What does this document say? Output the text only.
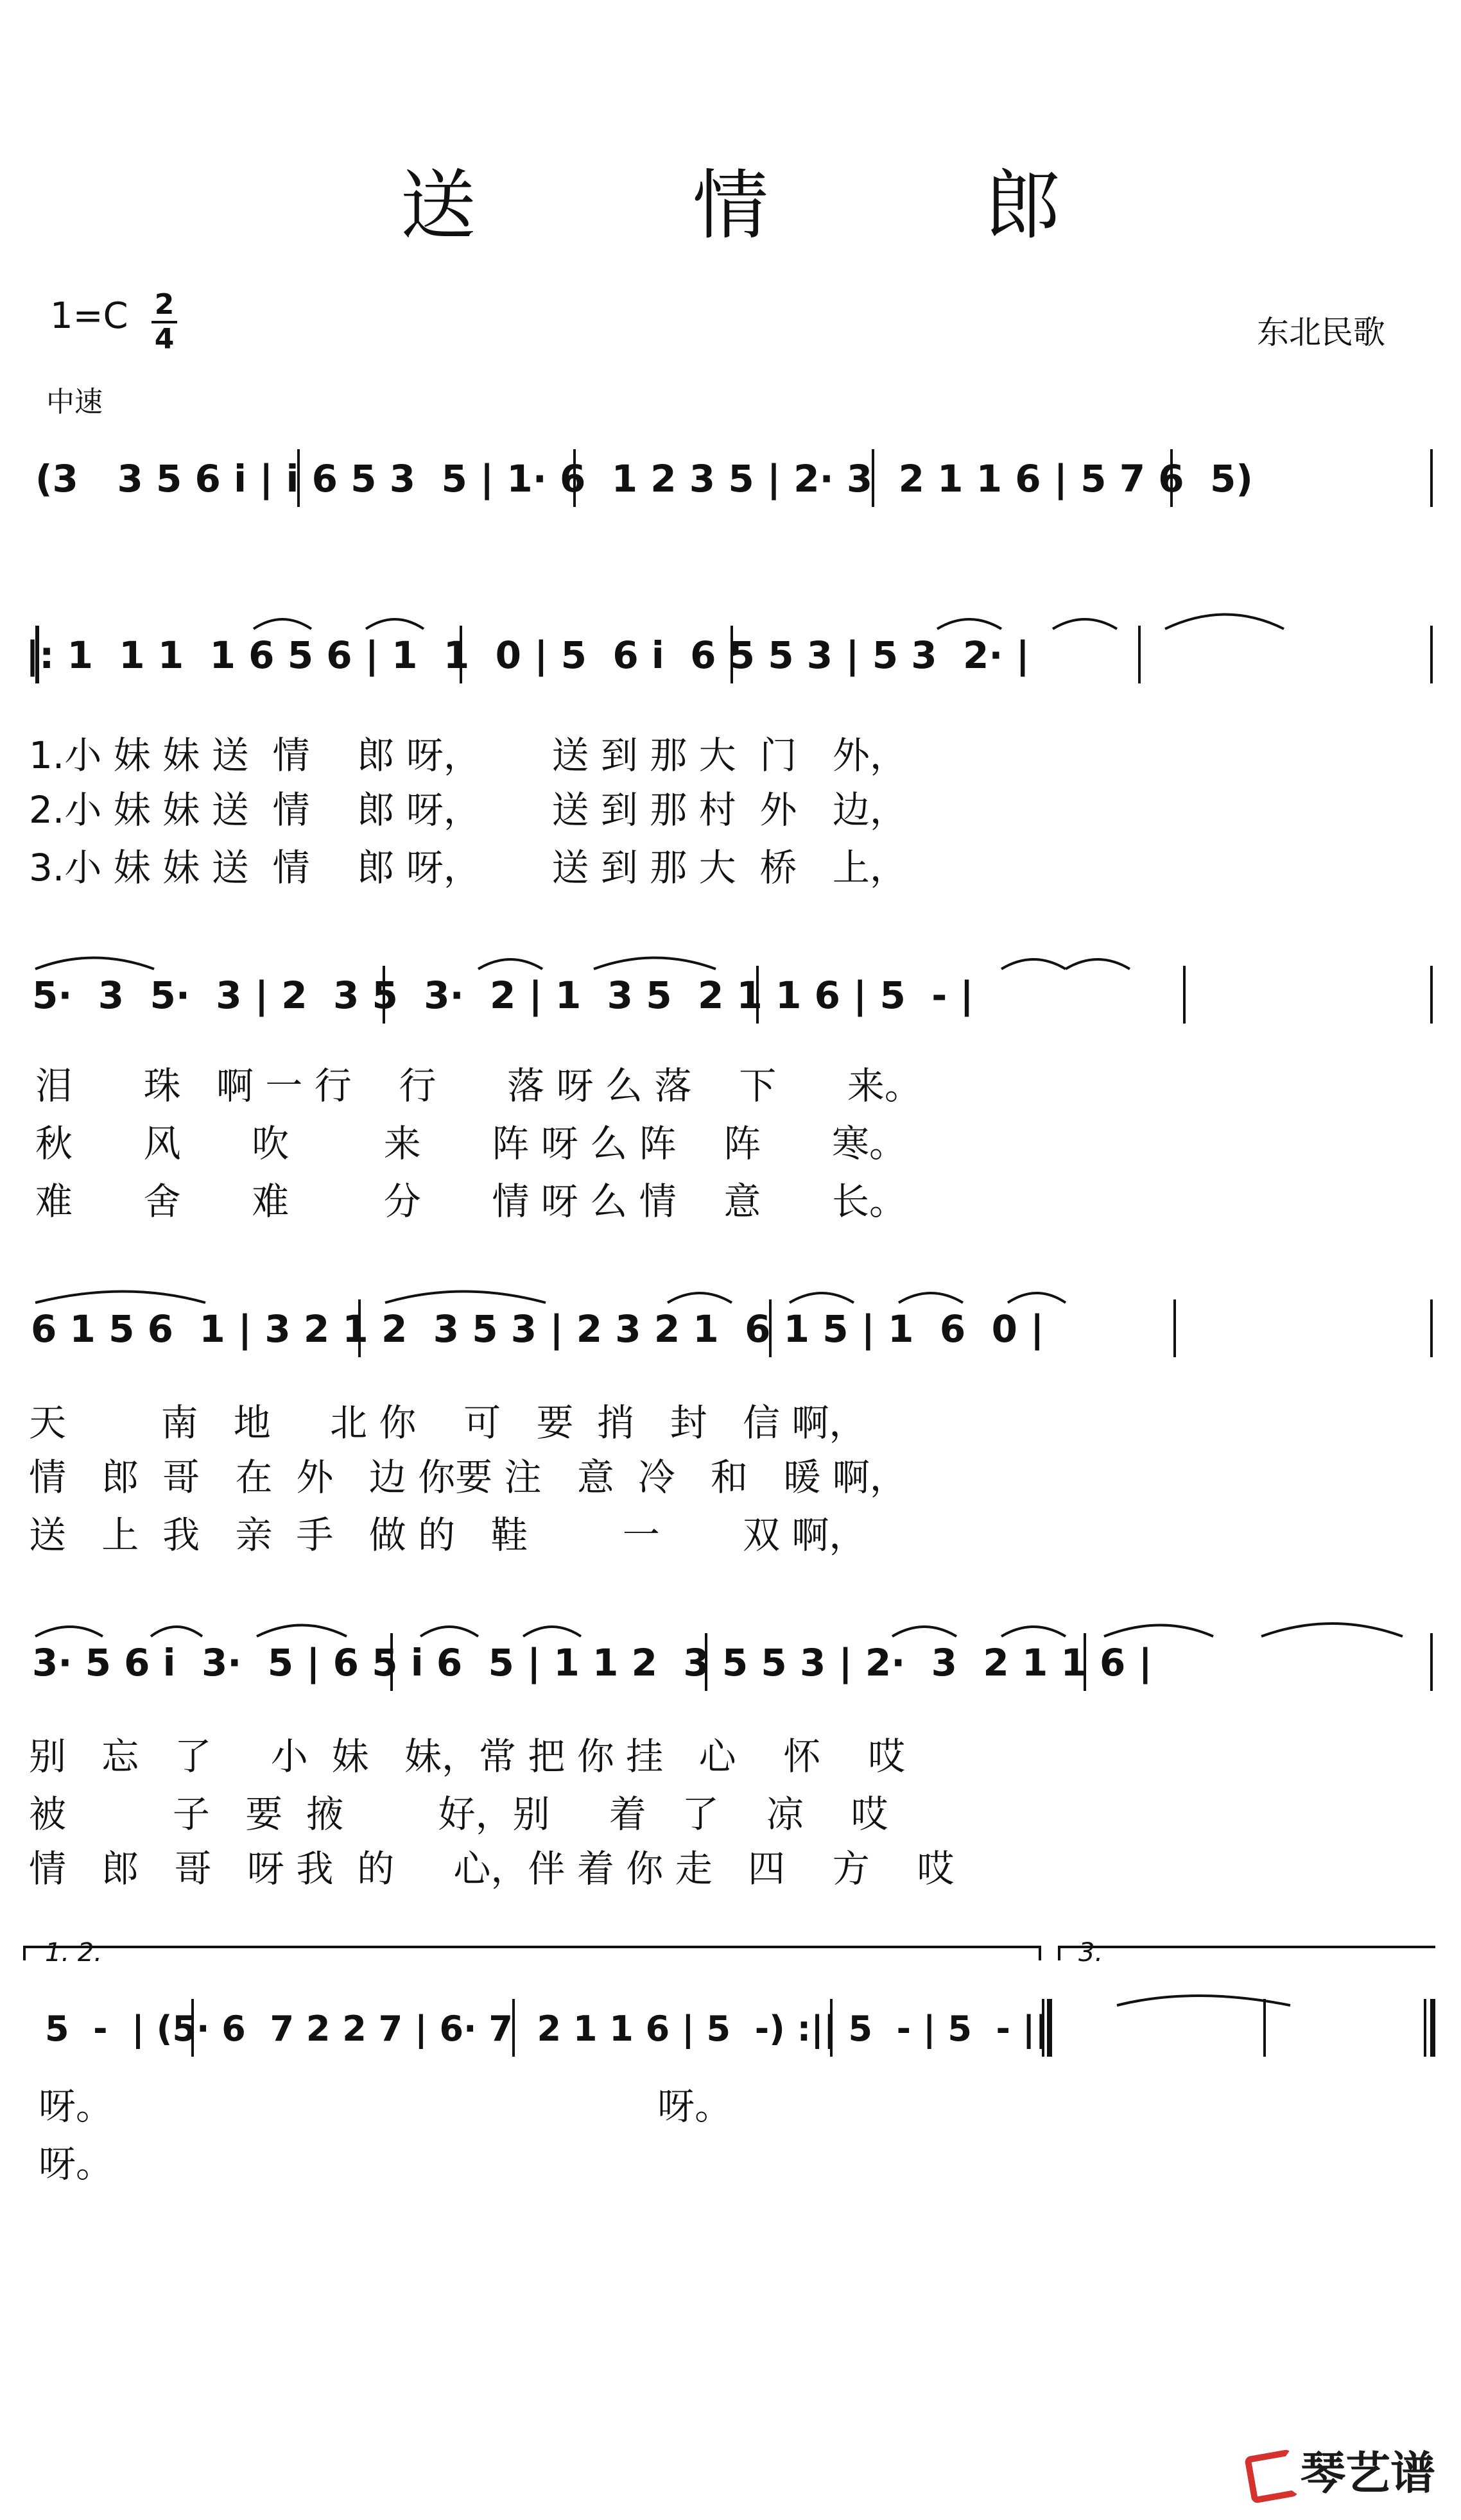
送 情 郎
1=C 2
4	东北民歌
中速
(3   3 5 6 i | i 6 5 3  5 | 1· 6  1 2 3 5 | 2· 3  2 1 1 6 | 5 7 6  5)
|: 1  1 1  1 6 5 6 | 1  1  0 | 5  6 i  6 5 5 3 | 5 3  2· |
1.小 妹 妹 送  情    郎 呀，      送 到 那 大  门   外，
2.小 妹 妹 送  情    郎 呀，      送 到 那 村  外   边，
3.小 妹 妹 送  情    郎 呀，      送 到 那 大  桥   上，
5·  3  5·  3 | 2  3 5  3·  2 | 1  3 5  2 1 1 6 | 5  - |
泪      珠   啊 一 行    行      落 呀 么 落    下      来。
秋      风      吹        来      阵 呀 么 阵    阵      寒。
难      舍      难        分      情 呀 么 情    意      长。
6 1 5 6  1 | 3 2 1 2  3 5 3 | 2 3 2 1  6 1 5 | 1  6  0 |
天        南   地     北 你    可   要  捎   封   信 啊，
情   郎  哥   在  外   边 你要 注   意  冷   和   暖 啊，
送   上  我   亲  手   做 的   鞋        一       双 啊，
3· 5 6 i  3·  5 | 6 5 i 6  5 | 1 1 2  3 5 5 3 | 2·  3  2 1 1 6 |
别   忘   了     小  妹   妹，常 把 你 挂   心    怀    哎
被         子   要  掖        好，别     着   了    凉    哎
情   郎   哥   呀 我  的     心，伴 着 你 走   四    方    哎
1. 2.	3.
5  -  | (5· 6  7 2 2 7 | 6· 7  2 1 1 6 | 5  -) :|| 5  - | 5  - ||
呀。                                              呀。
呀。
琴艺谱
